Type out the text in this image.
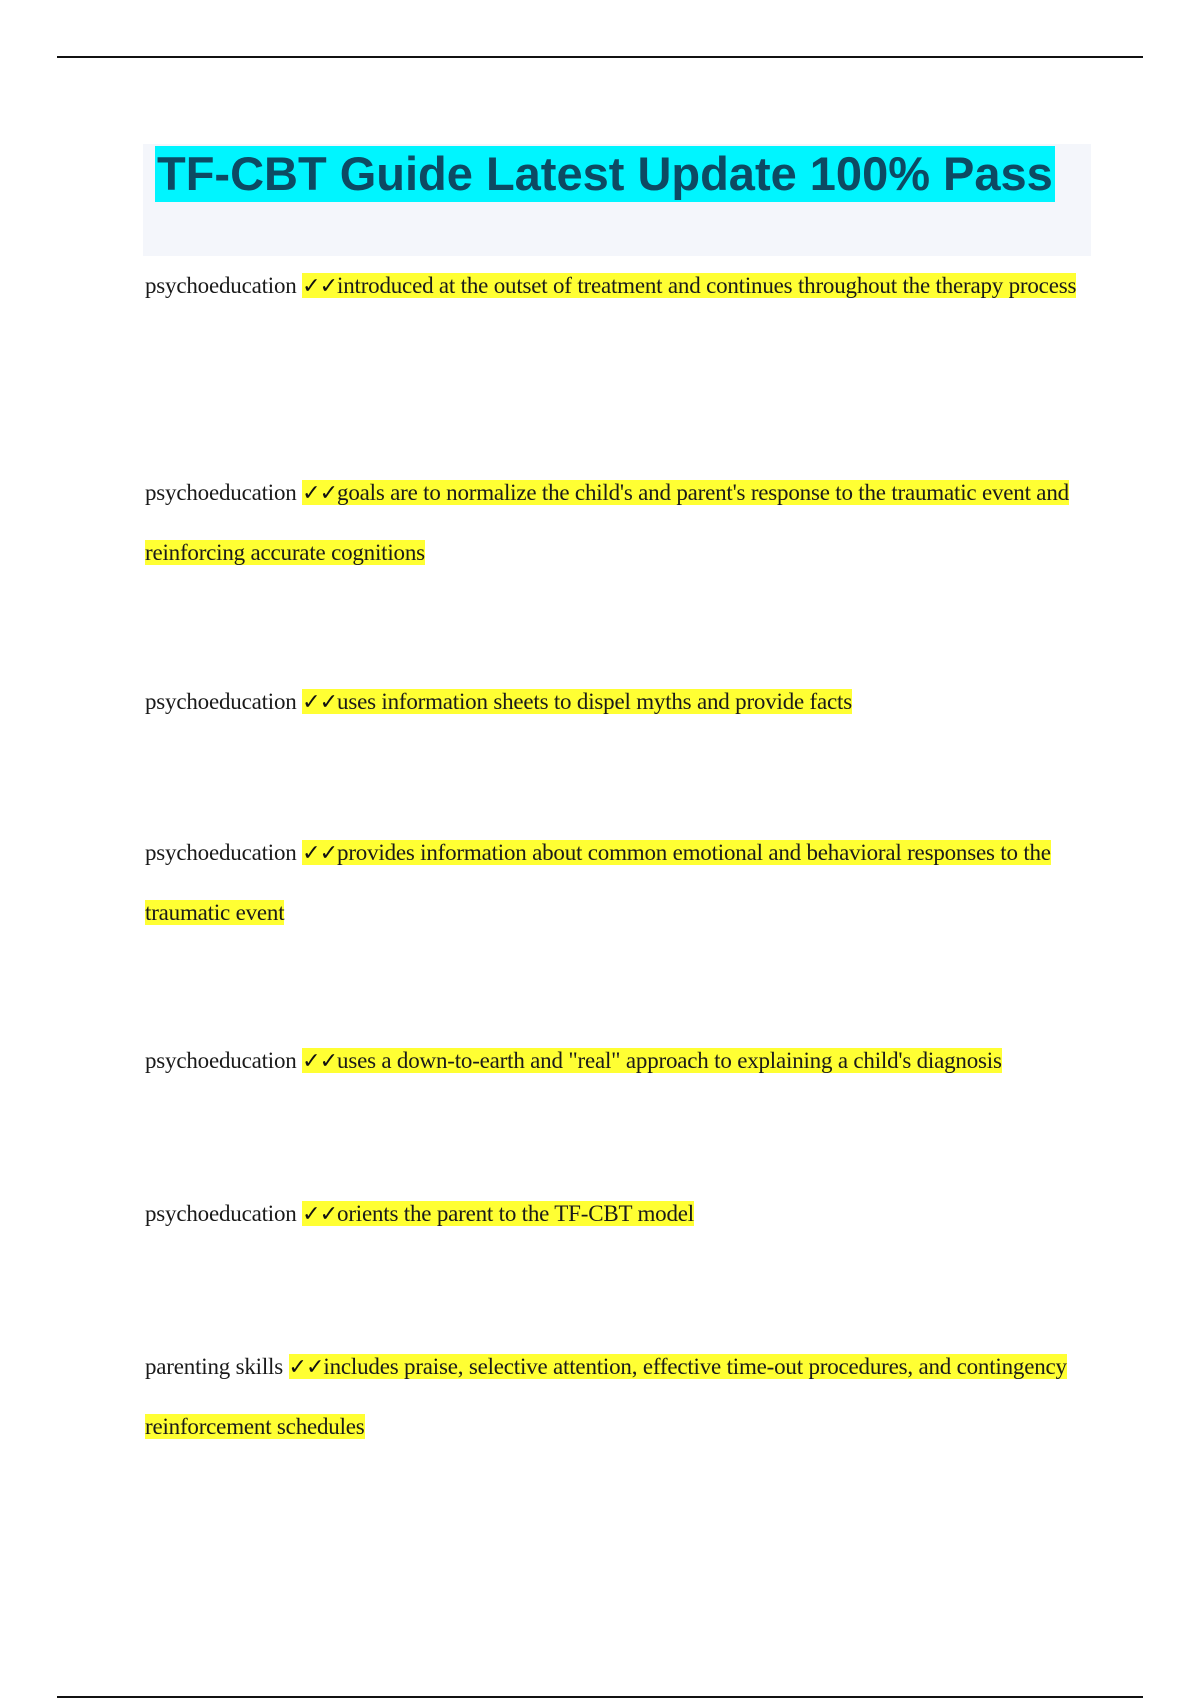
TF-CBT Guide Latest Update 100% Pass

psychoeducation ✓✓introduced at the outset of treatment and continues throughout the therapy process

psychoeducation ✓✓goals are to normalize the child's and parent's response to the traumatic event and reinforcing accurate cognitions

psychoeducation ✓✓uses information sheets to dispel myths and provide facts

psychoeducation ✓✓provides information about common emotional and behavioral responses to the traumatic event

psychoeducation ✓✓uses a down-to-earth and "real" approach to explaining a child's diagnosis

psychoeducation ✓✓orients the parent to the TF-CBT model

parenting skills ✓✓includes praise, selective attention, effective time-out procedures, and contingency reinforcement schedules
